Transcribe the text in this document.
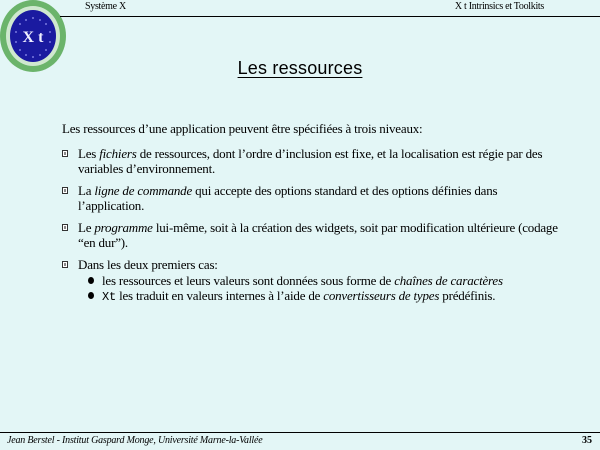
X t
Système X	X t Intrinsics et Toolkits
Les ressources
Les ressources d’une application peuvent être spécifiées à trois niveaux:
Les fichiers de ressources, dont l’ordre d’inclusion est fixe, et la localisation est régie par des variables d’environnement.
La ligne de commande qui accepte des options standard et des options définies dans l’application.
Le programme lui-même, soit à la création des widgets, soit par modification ultérieure (codage “en dur”).
Dans les deux premiers cas:
les ressources et leurs valeurs sont données sous forme de chaînes de caractères
Xt les traduit en valeurs internes à l’aide de convertisseurs de types prédéfinis.
Jean Berstel - Institut Gaspard Monge, Université Marne-la-Vallée	35
